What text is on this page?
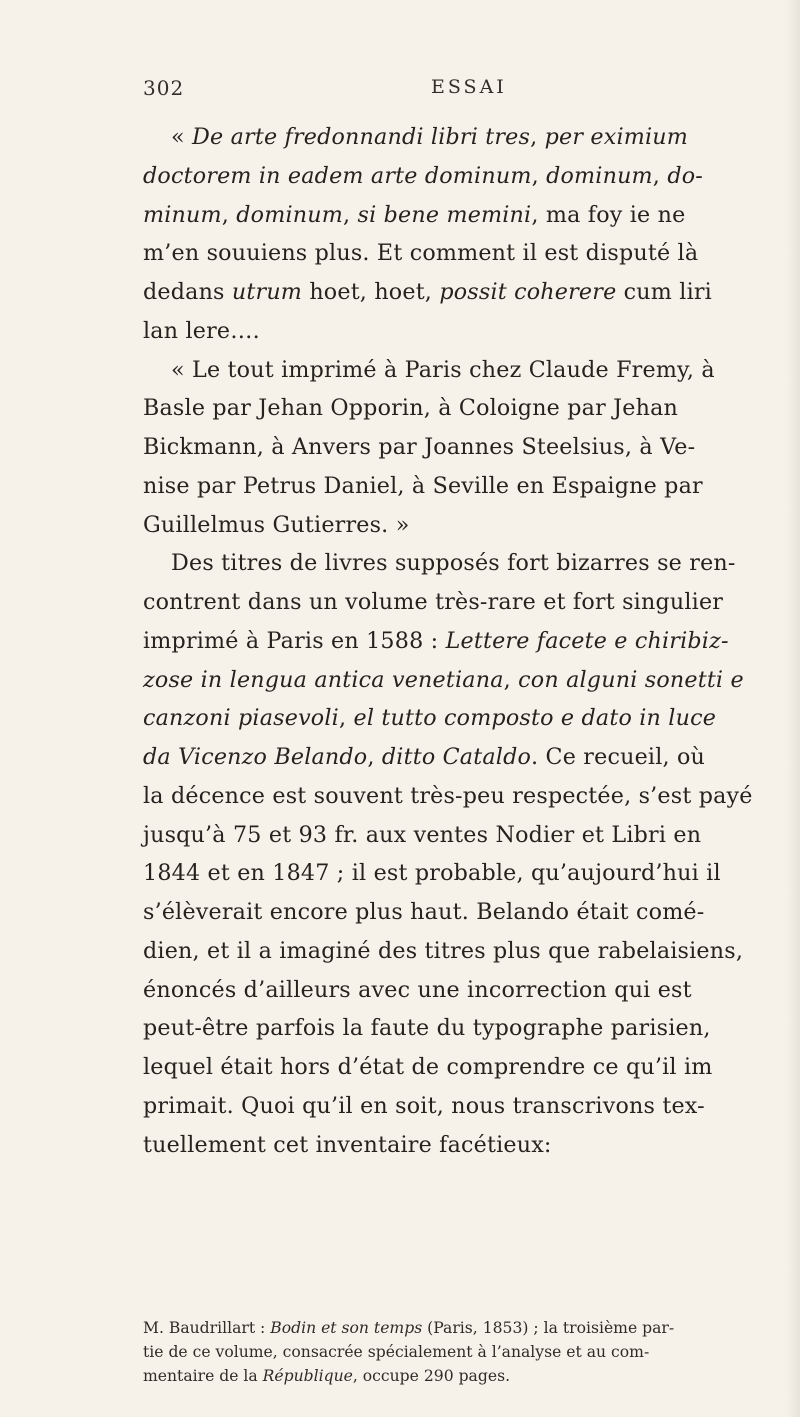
302	ESSAI
« De arte fredonnandi libri tres, per eximium
doctorem in eadem arte dominum, dominum, do-
minum, dominum, si bene memini, ma foy ie ne
m’en souuiens plus. Et comment il est disputé là
dedans utrum hoet, hoet, possit coherere cum liri
lan lere….
« Le tout imprimé à Paris chez Claude Fremy, à
Basle par Jehan Opporin, à Coloigne par Jehan
Bickmann, à Anvers par Joannes Steelsius, à Ve-
nise par Petrus Daniel, à Seville en Espaigne par
Guillelmus Gutierres. »
Des titres de livres supposés fort bizarres se ren-
contrent dans un volume très-rare et fort singulier
imprimé à Paris en 1588 : Lettere facete e chiribiz-
zose in lengua antica venetiana, con alguni sonetti e
canzoni piasevoli, el tutto composto e dato in luce
da Vicenzo Belando, ditto Cataldo. Ce recueil, où
la décence est souvent très-peu respectée, s’est payé
jusqu’à 75 et 93 fr. aux ventes Nodier et Libri en
1844 et en 1847 ; il est probable, qu’aujourd’hui il
s’élèverait encore plus haut. Belando était comé-
dien, et il a imaginé des titres plus que rabelaisiens,
énoncés d’ailleurs avec une incorrection qui est
peut-être parfois la faute du typographe parisien,
lequel était hors d’état de comprendre ce qu’il im
primait. Quoi qu’il en soit, nous transcrivons tex-
tuellement cet inventaire facétieux:
M. Baudrillart : Bodin et son temps (Paris, 1853) ; la troisième par-
tie de ce volume, consacrée spécialement à l’analyse et au com-
mentaire de la République, occupe 290 pages.
